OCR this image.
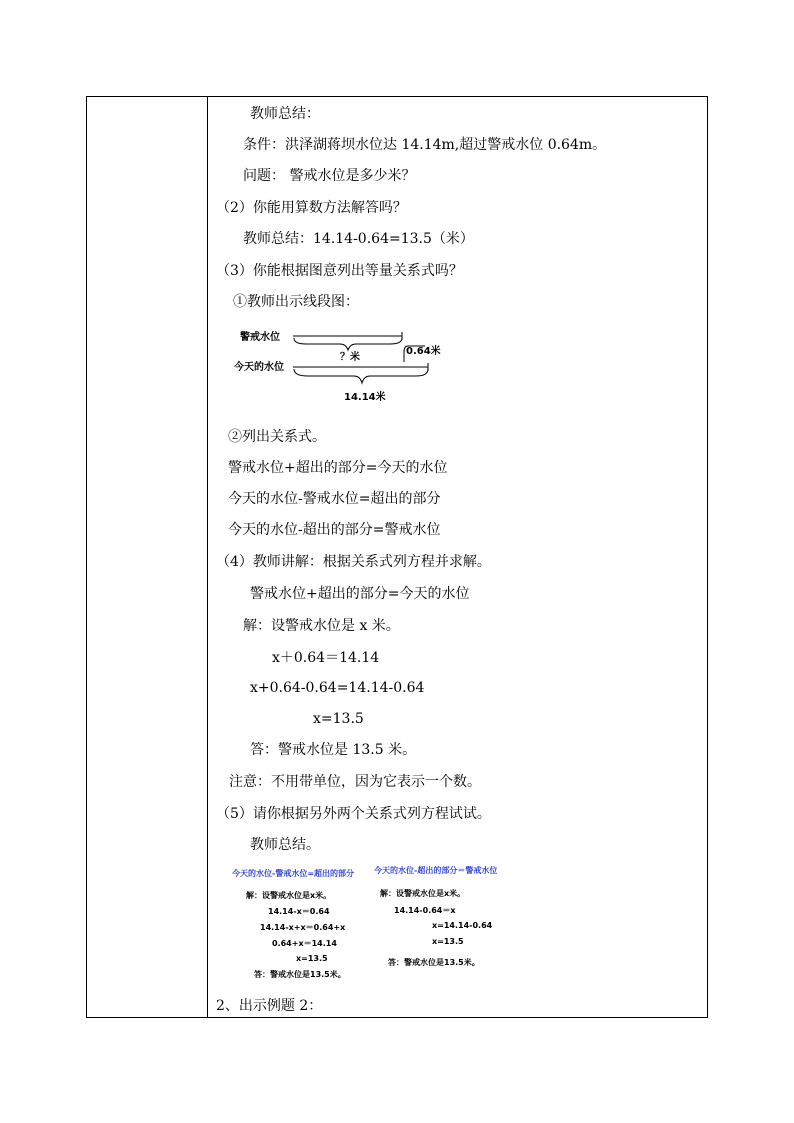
教师总结：
条件：洪泽湖蒋坝水位达 14.14m,超过警戒水位 0.64m。
问题： 警戒水位是多少米？
（2）你能用算数方法解答吗？
教师总结：14.14-0.64=13.5（米）
（3）你能根据图意列出等量关系式吗？
①教师出示线段图：
警戒水位
？米
0.64米
今天的水位
14.14米
②列出关系式。
警戒水位+超出的部分=今天的水位
今天的水位-警戒水位=超出的部分
今天的水位-超出的部分=警戒水位
（4）教师讲解：根据关系式列方程并求解。
警戒水位+超出的部分=今天的水位
解：设警戒水位是 x 米。
x＋0.64＝14.14
x+0.64-0.64=14.14-0.64
x=13.5
答：警戒水位是 13.5 米。
注意：不用带单位，因为它表示一个数。
（5）请你根据另外两个关系式列方程试试。
教师总结。
今天的水位-警戒水位=超出的部分
解：设警戒水位是x米。
14.14-x＝0.64
14.14-x+x＝0.64+x
0.64+x＝14.14
x=13.5
答：警戒水位是13.5米。
今天的水位-超出的部分＝警戒水位
解：设警戒水位是x米。
14.14-0.64＝x
x=14.14-0.64
x=13.5
答：警戒水位是13.5米。
2、出示例题 2：
